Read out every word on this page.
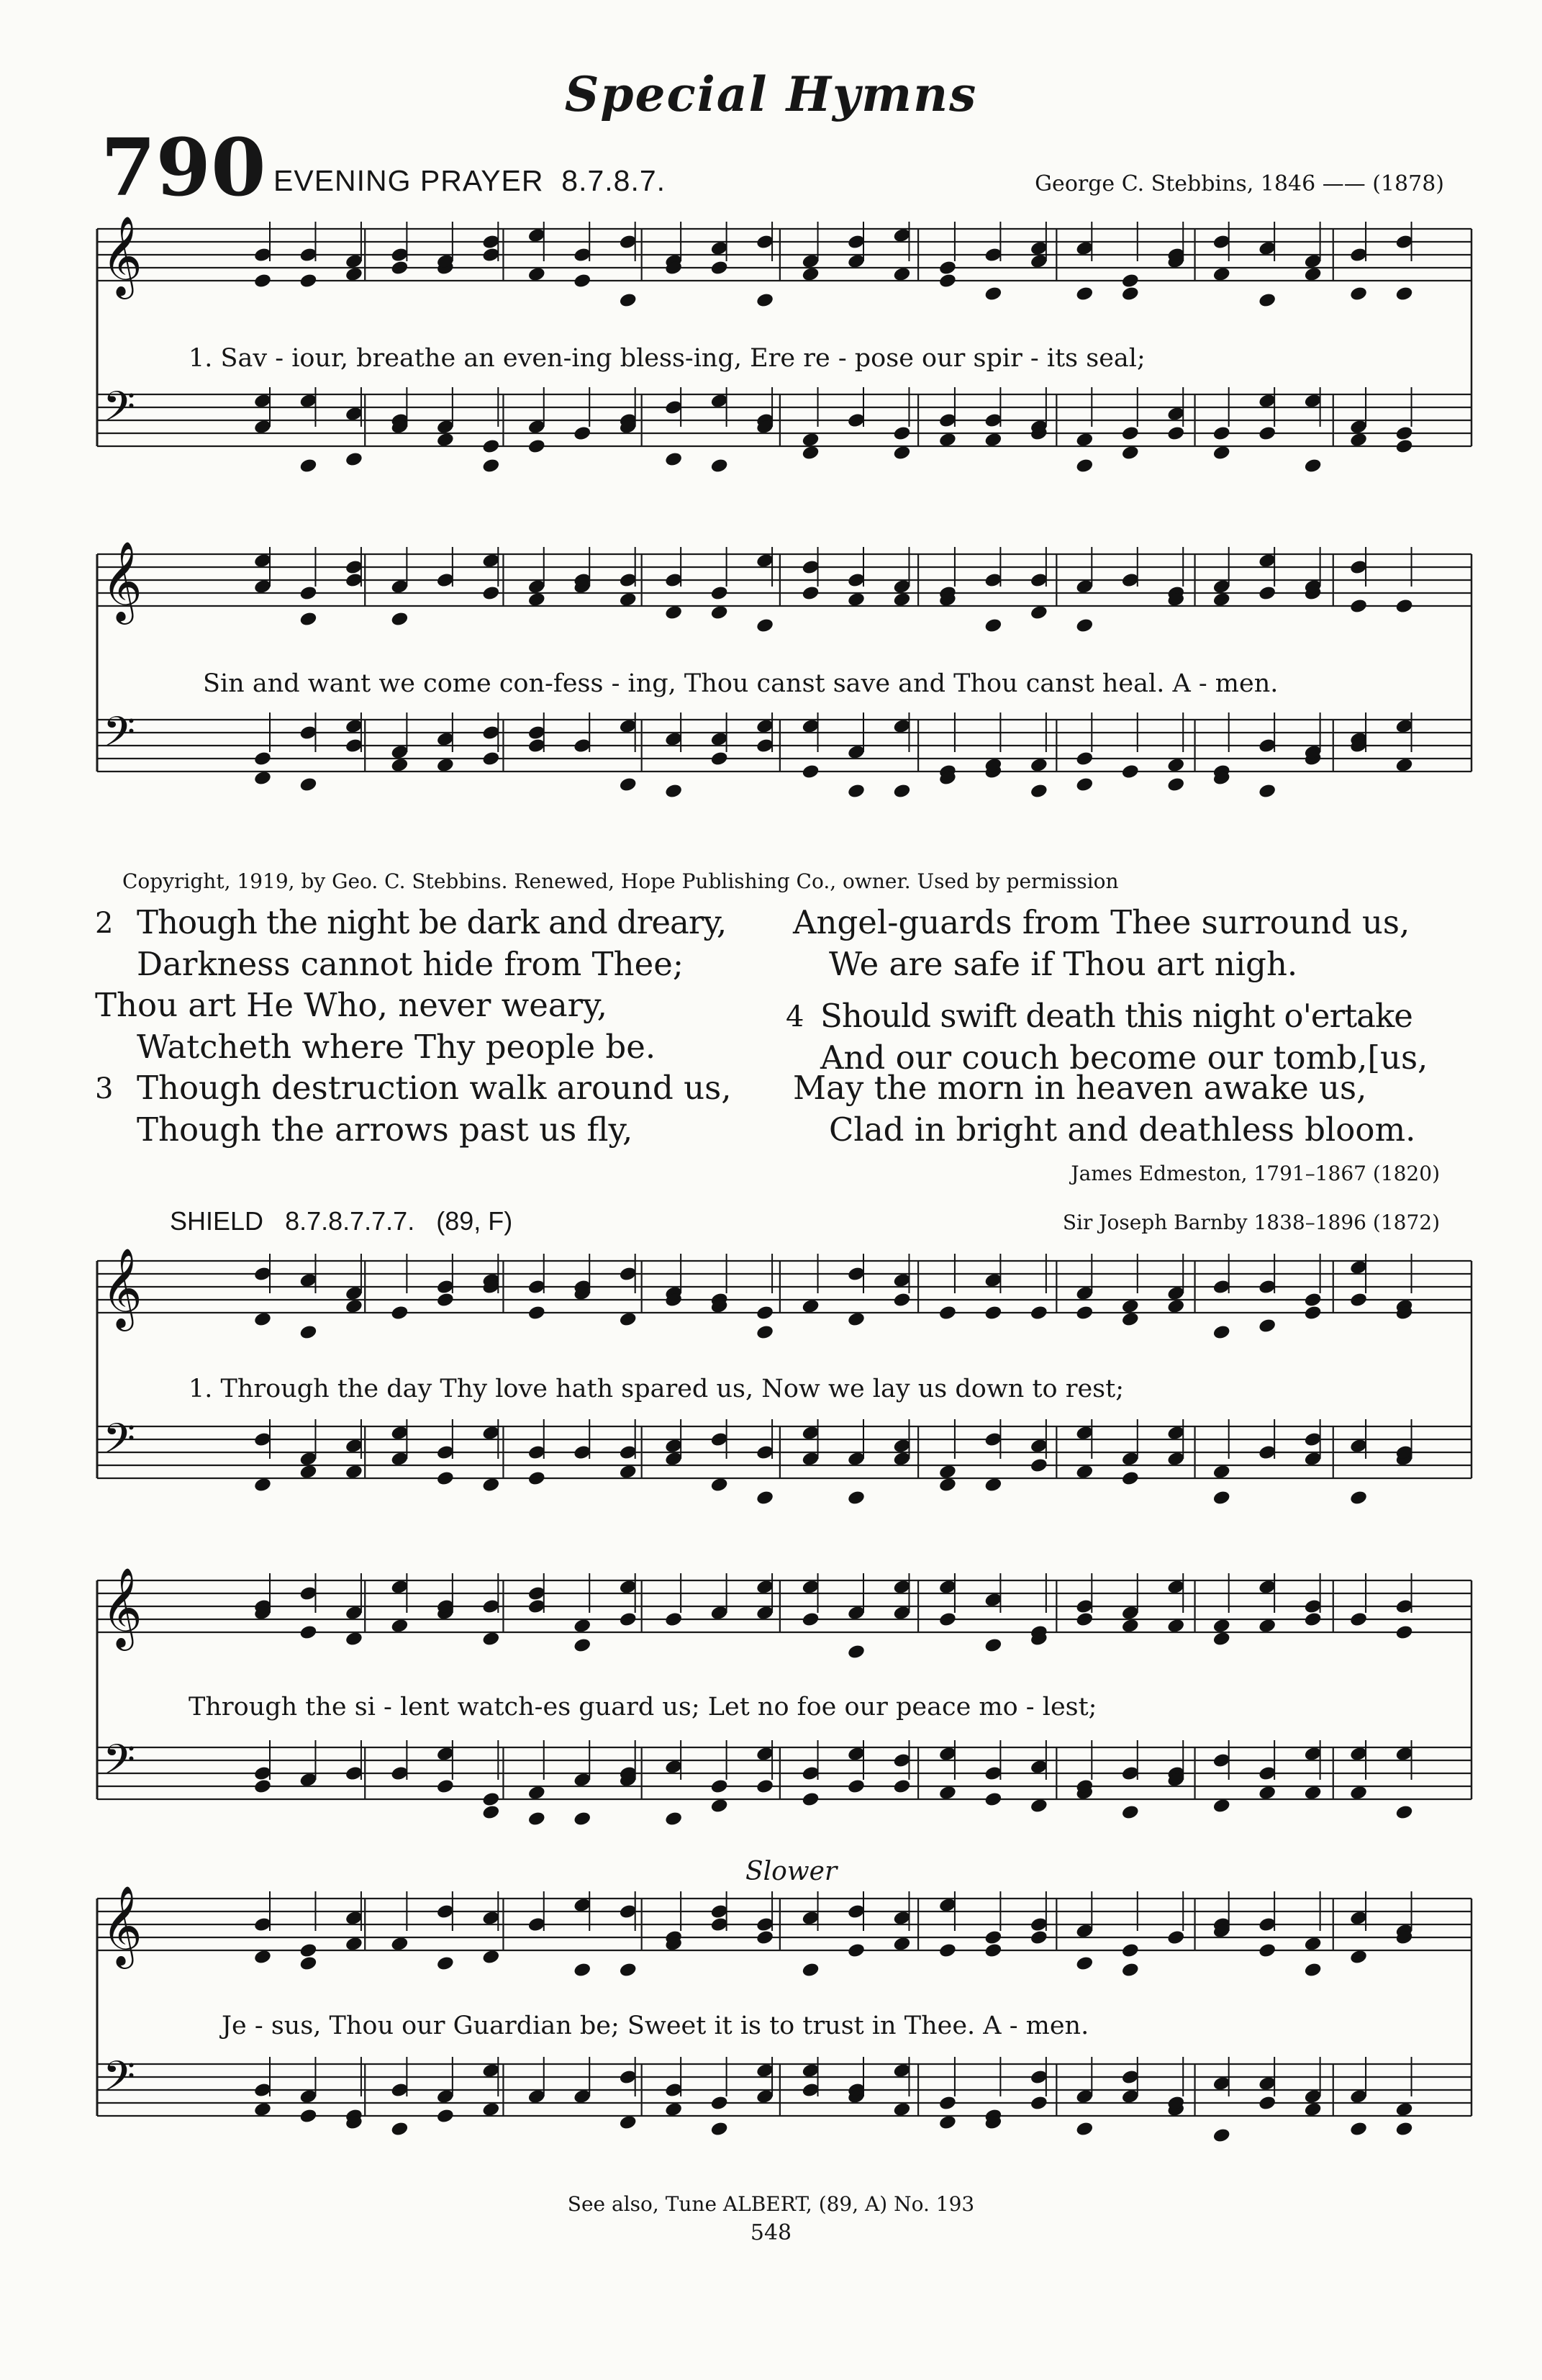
Special Hymns
790 EVENING PRAYER 8.7.8.7.	George C. Stebbins, 1846 —— (1878)
𝄞
𝄢
𝄞
𝄢
𝄞
𝄢
𝄞
𝄢
𝄞
𝄢
1. Sav - iour, breathe an even-ing bless-ing, Ere re - pose our spir - its seal;
Sin and want we come con-fess - ing, Thou canst save and Thou canst heal. A - men.
Copyright, 1919, by Geo. C. Stebbins. Renewed, Hope Publishing Co., owner. Used by permission
2 Though the night be dark and dreary,
Darkness cannot hide from Thee;
Thou art He Who, never weary,
Watcheth where Thy people be.
3 Though destruction walk around us,
Though the arrows past us fly,
Angel-guards from Thee surround us,
We are safe if Thou art nigh.
4 Should swift death this night o'ertake
And our couch become our tomb,[us,
May the morn in heaven awake us,
Clad in bright and deathless bloom.
James Edmeston, 1791–1867 (1820)
SHIELD 8.7.8.7.7.7. (89, F)	Sir Joseph Barnby 1838–1896 (1872)
1. Through the day Thy love hath spared us, Now we lay us down to rest;
Through the si - lent watch-es guard us; Let no foe our peace mo - lest;
Slower
Je - sus, Thou our Guardian be; Sweet it is to trust in Thee. A - men.
See also, Tune ALBERT, (89, A) No. 193
548
